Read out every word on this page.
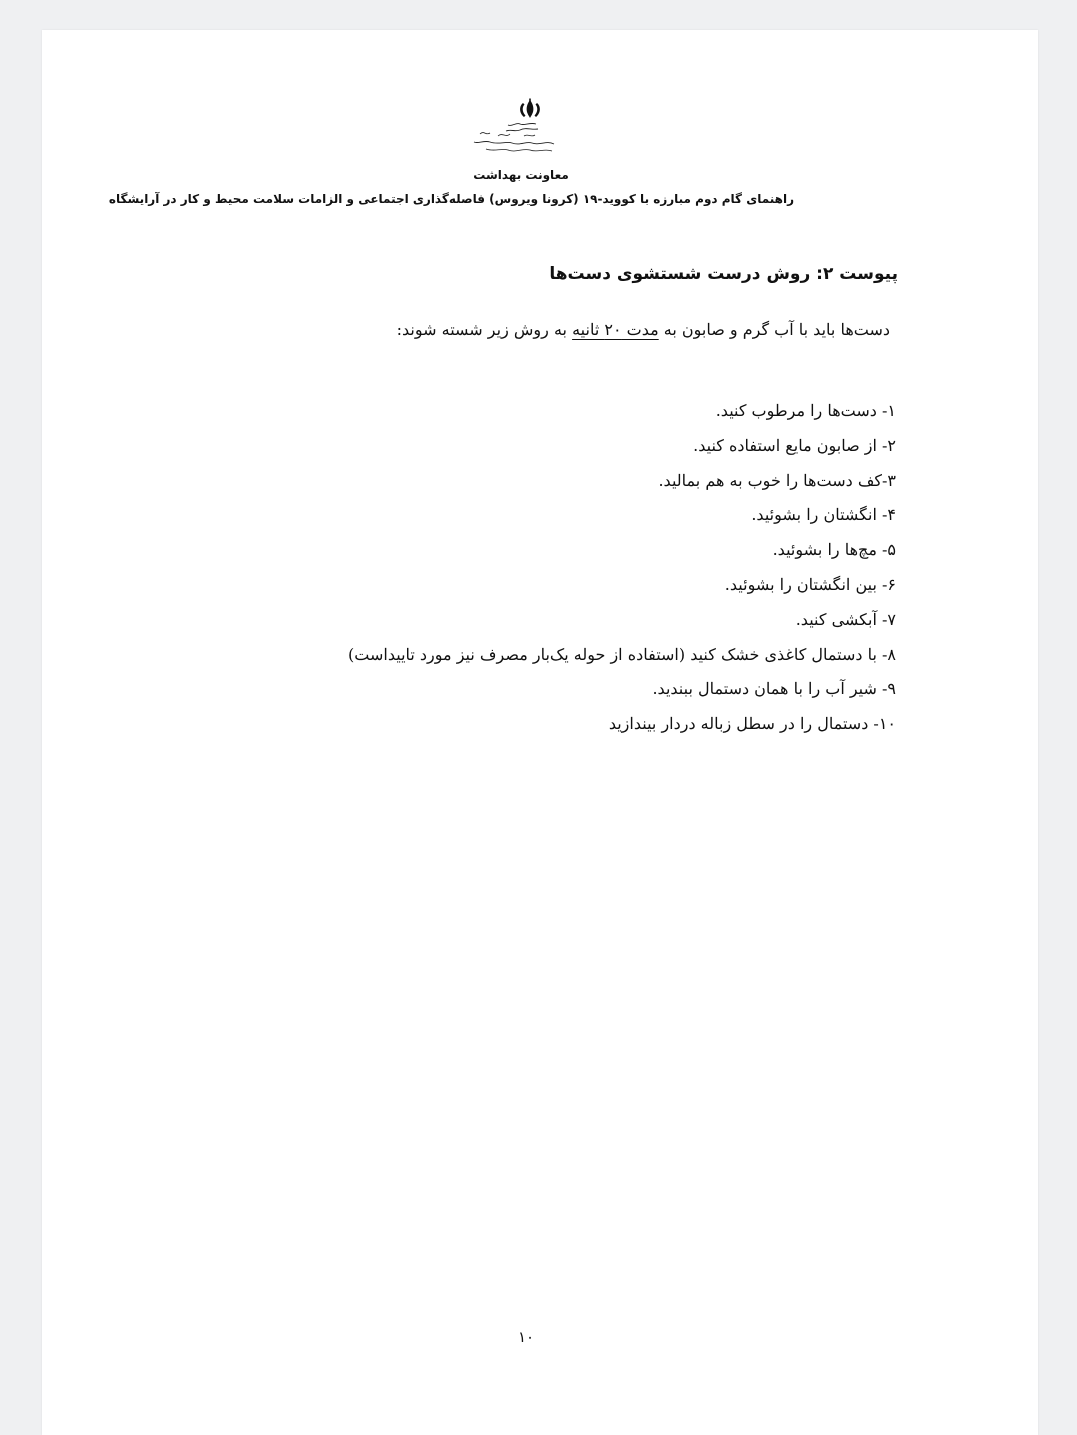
معاونت بهداشت
راهنمای گام دوم مبارزه با کووید-۱۹ (کرونا ویروس) فاصله‌گذاری اجتماعی و الزامات سلامت محیط و کار در آرایشگاه
پیوست ۲: روش درست شستشوی دست‌ها
دست‌ها باید با آب گرم و صابون به مدت ۲۰ ثانیه به روش زیر شسته شوند:
۱- دست‌ها را مرطوب کنید.
۲- از صابون مایع استفاده کنید.
۳-کف دست‌ها را خوب به هم بمالید.
۴- انگشتان را بشوئید.
۵- مچ‌ها را بشوئید.
۶- بین انگشتان را بشوئید.
۷- آبکشی کنید.
۸- با دستمال کاغذی خشک کنید (استفاده از حوله یک‌بار مصرف نیز مورد تاییداست)
۹- شیر آب را با همان دستمال ببندید.
۱۰- دستمال را در سطل زباله دردار بیندازید
۱۰
